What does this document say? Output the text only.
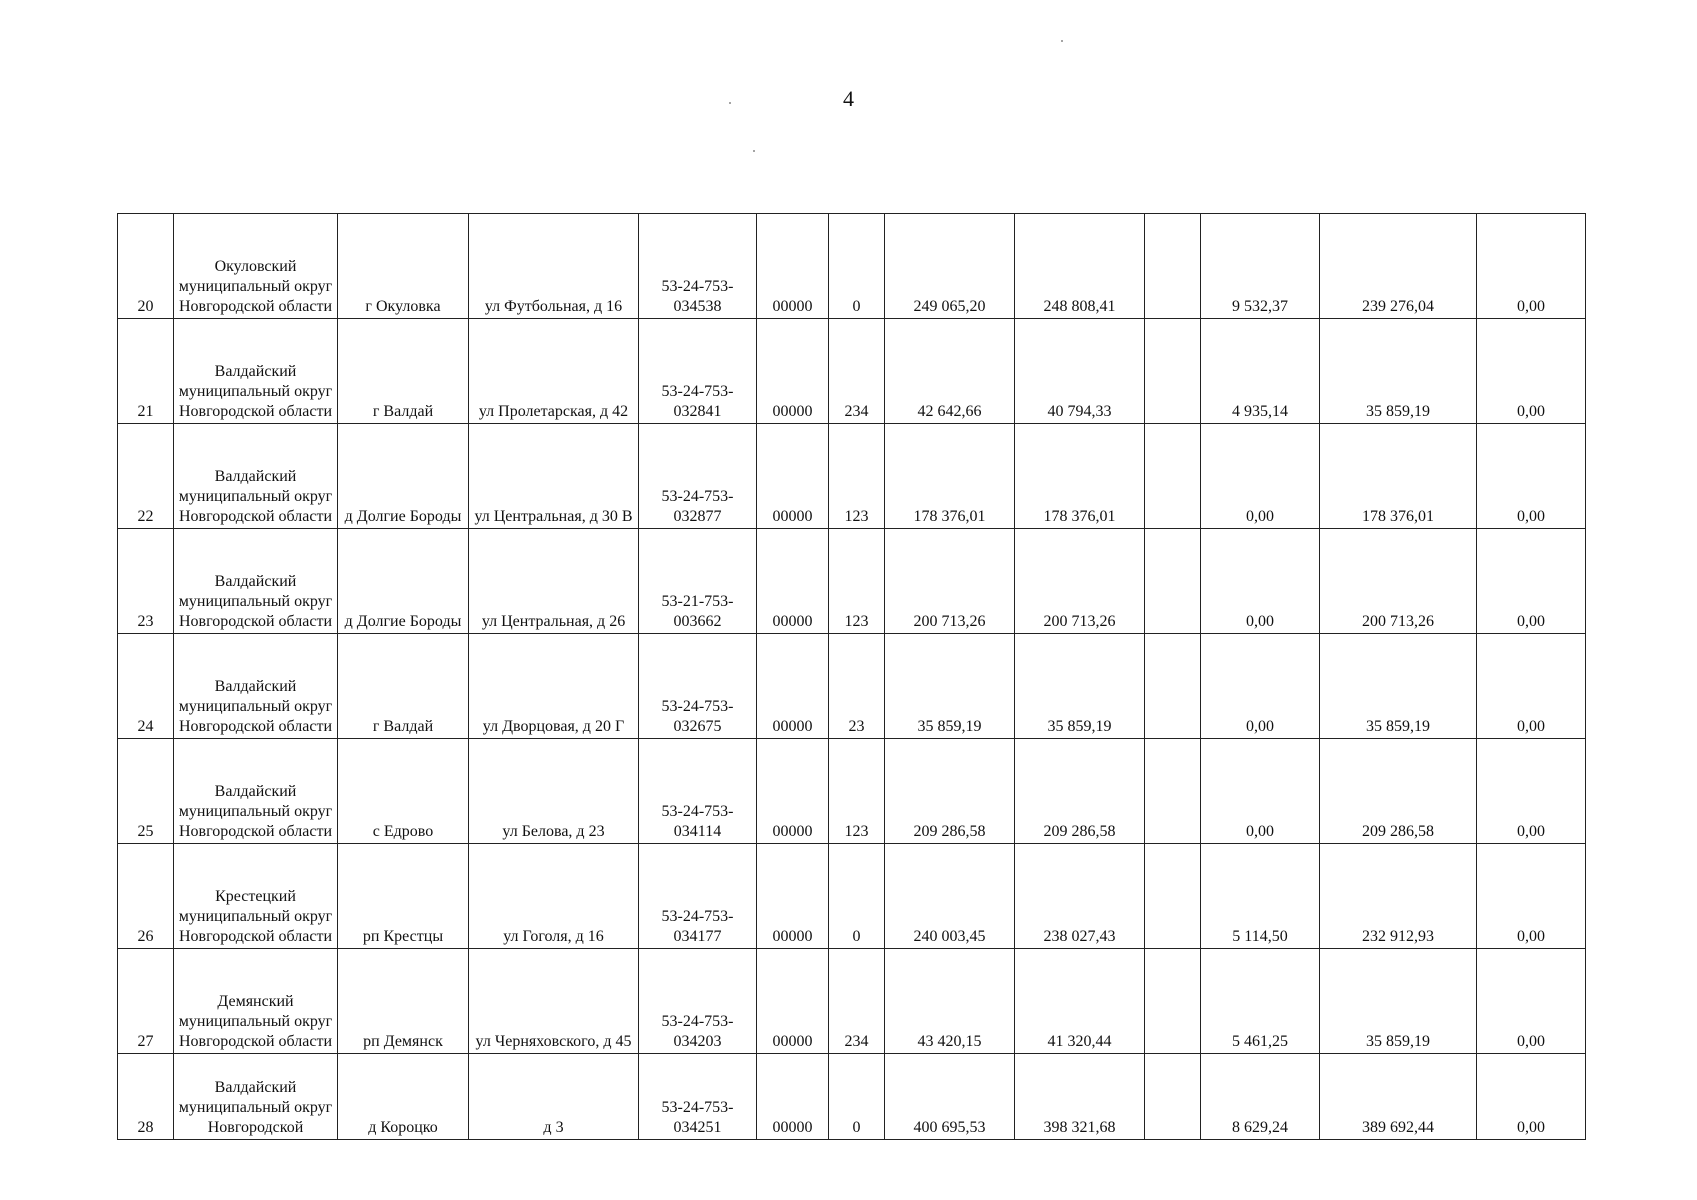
4
20	Окуловский муниципальный округ Новгородской области	г Окуловка	ул Футбольная, д 16	53-24-753-034538	00000	0	249 065,20	248 808,41		9 532,37	239 276,04	0,00
21	Валдайский муниципальный округ Новгородской области	г Валдай	ул Пролетарская, д 42	53-24-753-032841	00000	234	42 642,66	40 794,33		4 935,14	35 859,19	0,00
22	Валдайский муниципальный округ Новгородской области	д Долгие Бороды	ул Центральная, д 30 В	53-24-753-032877	00000	123	178 376,01	178 376,01		0,00	178 376,01	0,00
23	Валдайский муниципальный округ Новгородской области	д Долгие Бороды	ул Центральная, д 26	53-21-753-003662	00000	123	200 713,26	200 713,26		0,00	200 713,26	0,00
24	Валдайский муниципальный округ Новгородской области	г Валдай	ул Дворцовая, д 20 Г	53-24-753-032675	00000	23	35 859,19	35 859,19		0,00	35 859,19	0,00
25	Валдайский муниципальный округ Новгородской области	с Едрово	ул Белова, д 23	53-24-753-034114	00000	123	209 286,58	209 286,58		0,00	209 286,58	0,00
26	Крестецкий муниципальный округ Новгородской области	рп Крестцы	ул Гоголя, д 16	53-24-753-034177	00000	0	240 003,45	238 027,43		5 114,50	232 912,93	0,00
27	Демянский муниципальный округ Новгородской области	рп Демянск	ул Черняховского, д 45	53-24-753-034203	00000	234	43 420,15	41 320,44		5 461,25	35 859,19	0,00
28	Валдайский муниципальный округ Новгородской	д Короцко	д 3	53-24-753-034251	00000	0	400 695,53	398 321,68		8 629,24	389 692,44	0,00
